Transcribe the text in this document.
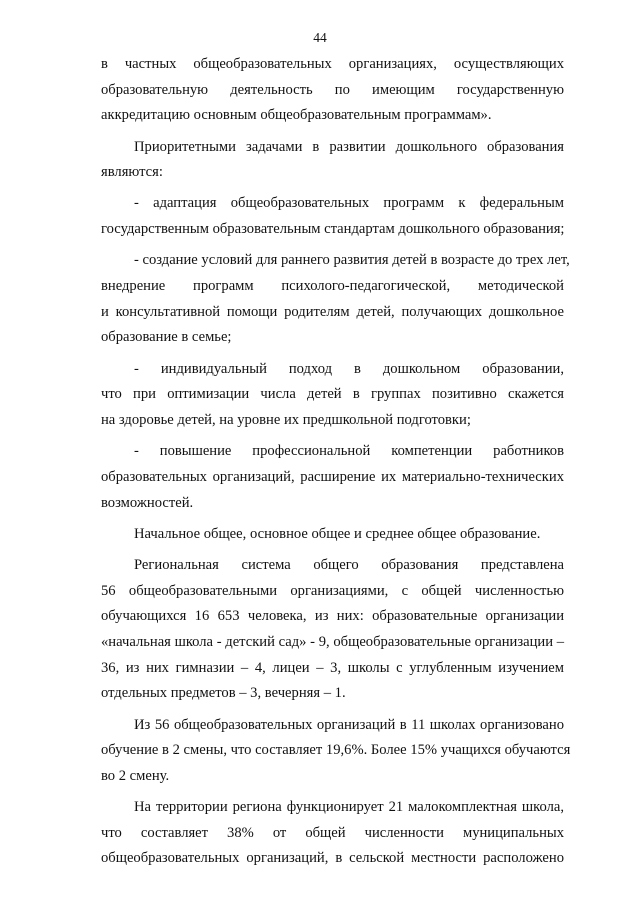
44
в частных общеобразовательных организациях, осуществляющих
образовательную деятельность по имеющим государственную
аккредитацию основным общеобразовательным программам».
Приоритетными задачами в развитии дошкольного образования
являются:
- адаптация общеобразовательных программ к федеральным
государственным образовательным стандартам дошкольного образования;
- создание условий для раннего развития детей в возрасте до трех лет,
внедрение программ психолого-педагогической, методической
и консультативной помощи родителям детей, получающих дошкольное
образование в семье;
- индивидуальный подход в дошкольном образовании,
что при оптимизации числа детей в группах позитивно скажется
на здоровье детей, на уровне их предшкольной подготовки;
- повышение профессиональной компетенции работников
образовательных организаций, расширение их материально-технических
возможностей.
Начальное общее, основное общее и среднее общее образование.
Региональная система общего образования представлена
56 общеобразовательными организациями, с общей численностью
обучающихся 16 653 человека, из них: образовательные организации
«начальная школа - детский сад» - 9, общеобразовательные организации –
36, из них гимназии – 4, лицеи – 3, школы с углубленным изучением
отдельных предметов – 3, вечерняя – 1.
Из 56 общеобразовательных организаций в 11 школах организовано
обучение в 2 смены, что составляет 19,6%. Более 15% учащихся обучаются
во 2 смену.
На территории региона функционирует 21 малокомплектная школа,
что составляет 38% от общей численности муниципальных
общеобразовательных организаций, в сельской местности расположено
